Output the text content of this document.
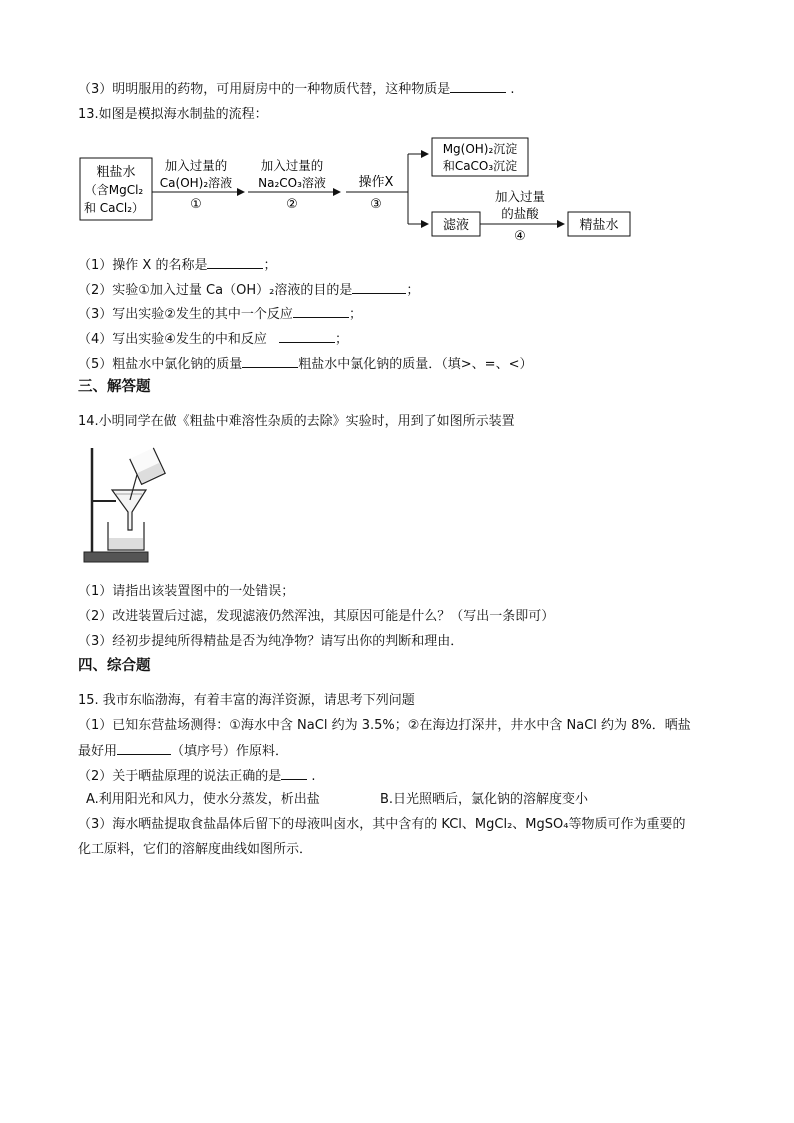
（3）明明服用的药物，可用厨房中的一种物质代替，这种物质是	.
13.如图是模拟海水制盐的流程：
粗盐水
（含MgCl₂
和 CaCl₂）
加入过量的
Ca(OH)₂溶液
①
加入过量的
Na₂CO₃溶液
②
操作X
③
Mg(OH)₂沉淀
和CaCO₃沉淀
滤液
加入过量
的盐酸
④
精盐水
（1）操作 X 的名称是	；
（2）实验①加入过量 Ca（OH）₂溶液的目的是	；
（3）写出实验②发生的其中一个反应	；
（4）写出实验④发生的中和反应	；
（5）粗盐水中氯化钠的质量	粗盐水中氯化钠的质量．（填>、=、<）
三、解答题
14.小明同学在做《粗盐中难溶性杂质的去除》实验时，用到了如图所示装置
（1）请指出该装置图中的一处错误；
（2）改进装置后过滤，发现滤液仍然浑浊，其原因可能是什么？（写出一条即可）
（3）经初步提纯所得精盐是否为纯净物？请写出你的判断和理由．
四、综合题
15. 我市东临渤海，有着丰富的海洋资源，请思考下列问题
（1）已知东营盐场测得：①海水中含 NaCl 约为 3.5%；②在海边打深井，井水中含 NaCl 约为 8%．晒盐
最好用	（填序号）作原料．
（2）关于晒盐原理的说法正确的是 .
A.利用阳光和风力，使水分蒸发，析出盐	B.日光照晒后，氯化钠的溶解度变小
（3）海水晒盐提取食盐晶体后留下的母液叫卤水，其中含有的 KCl、MgCl₂、MgSO₄等物质可作为重要的
化工原料，它们的溶解度曲线如图所示．
